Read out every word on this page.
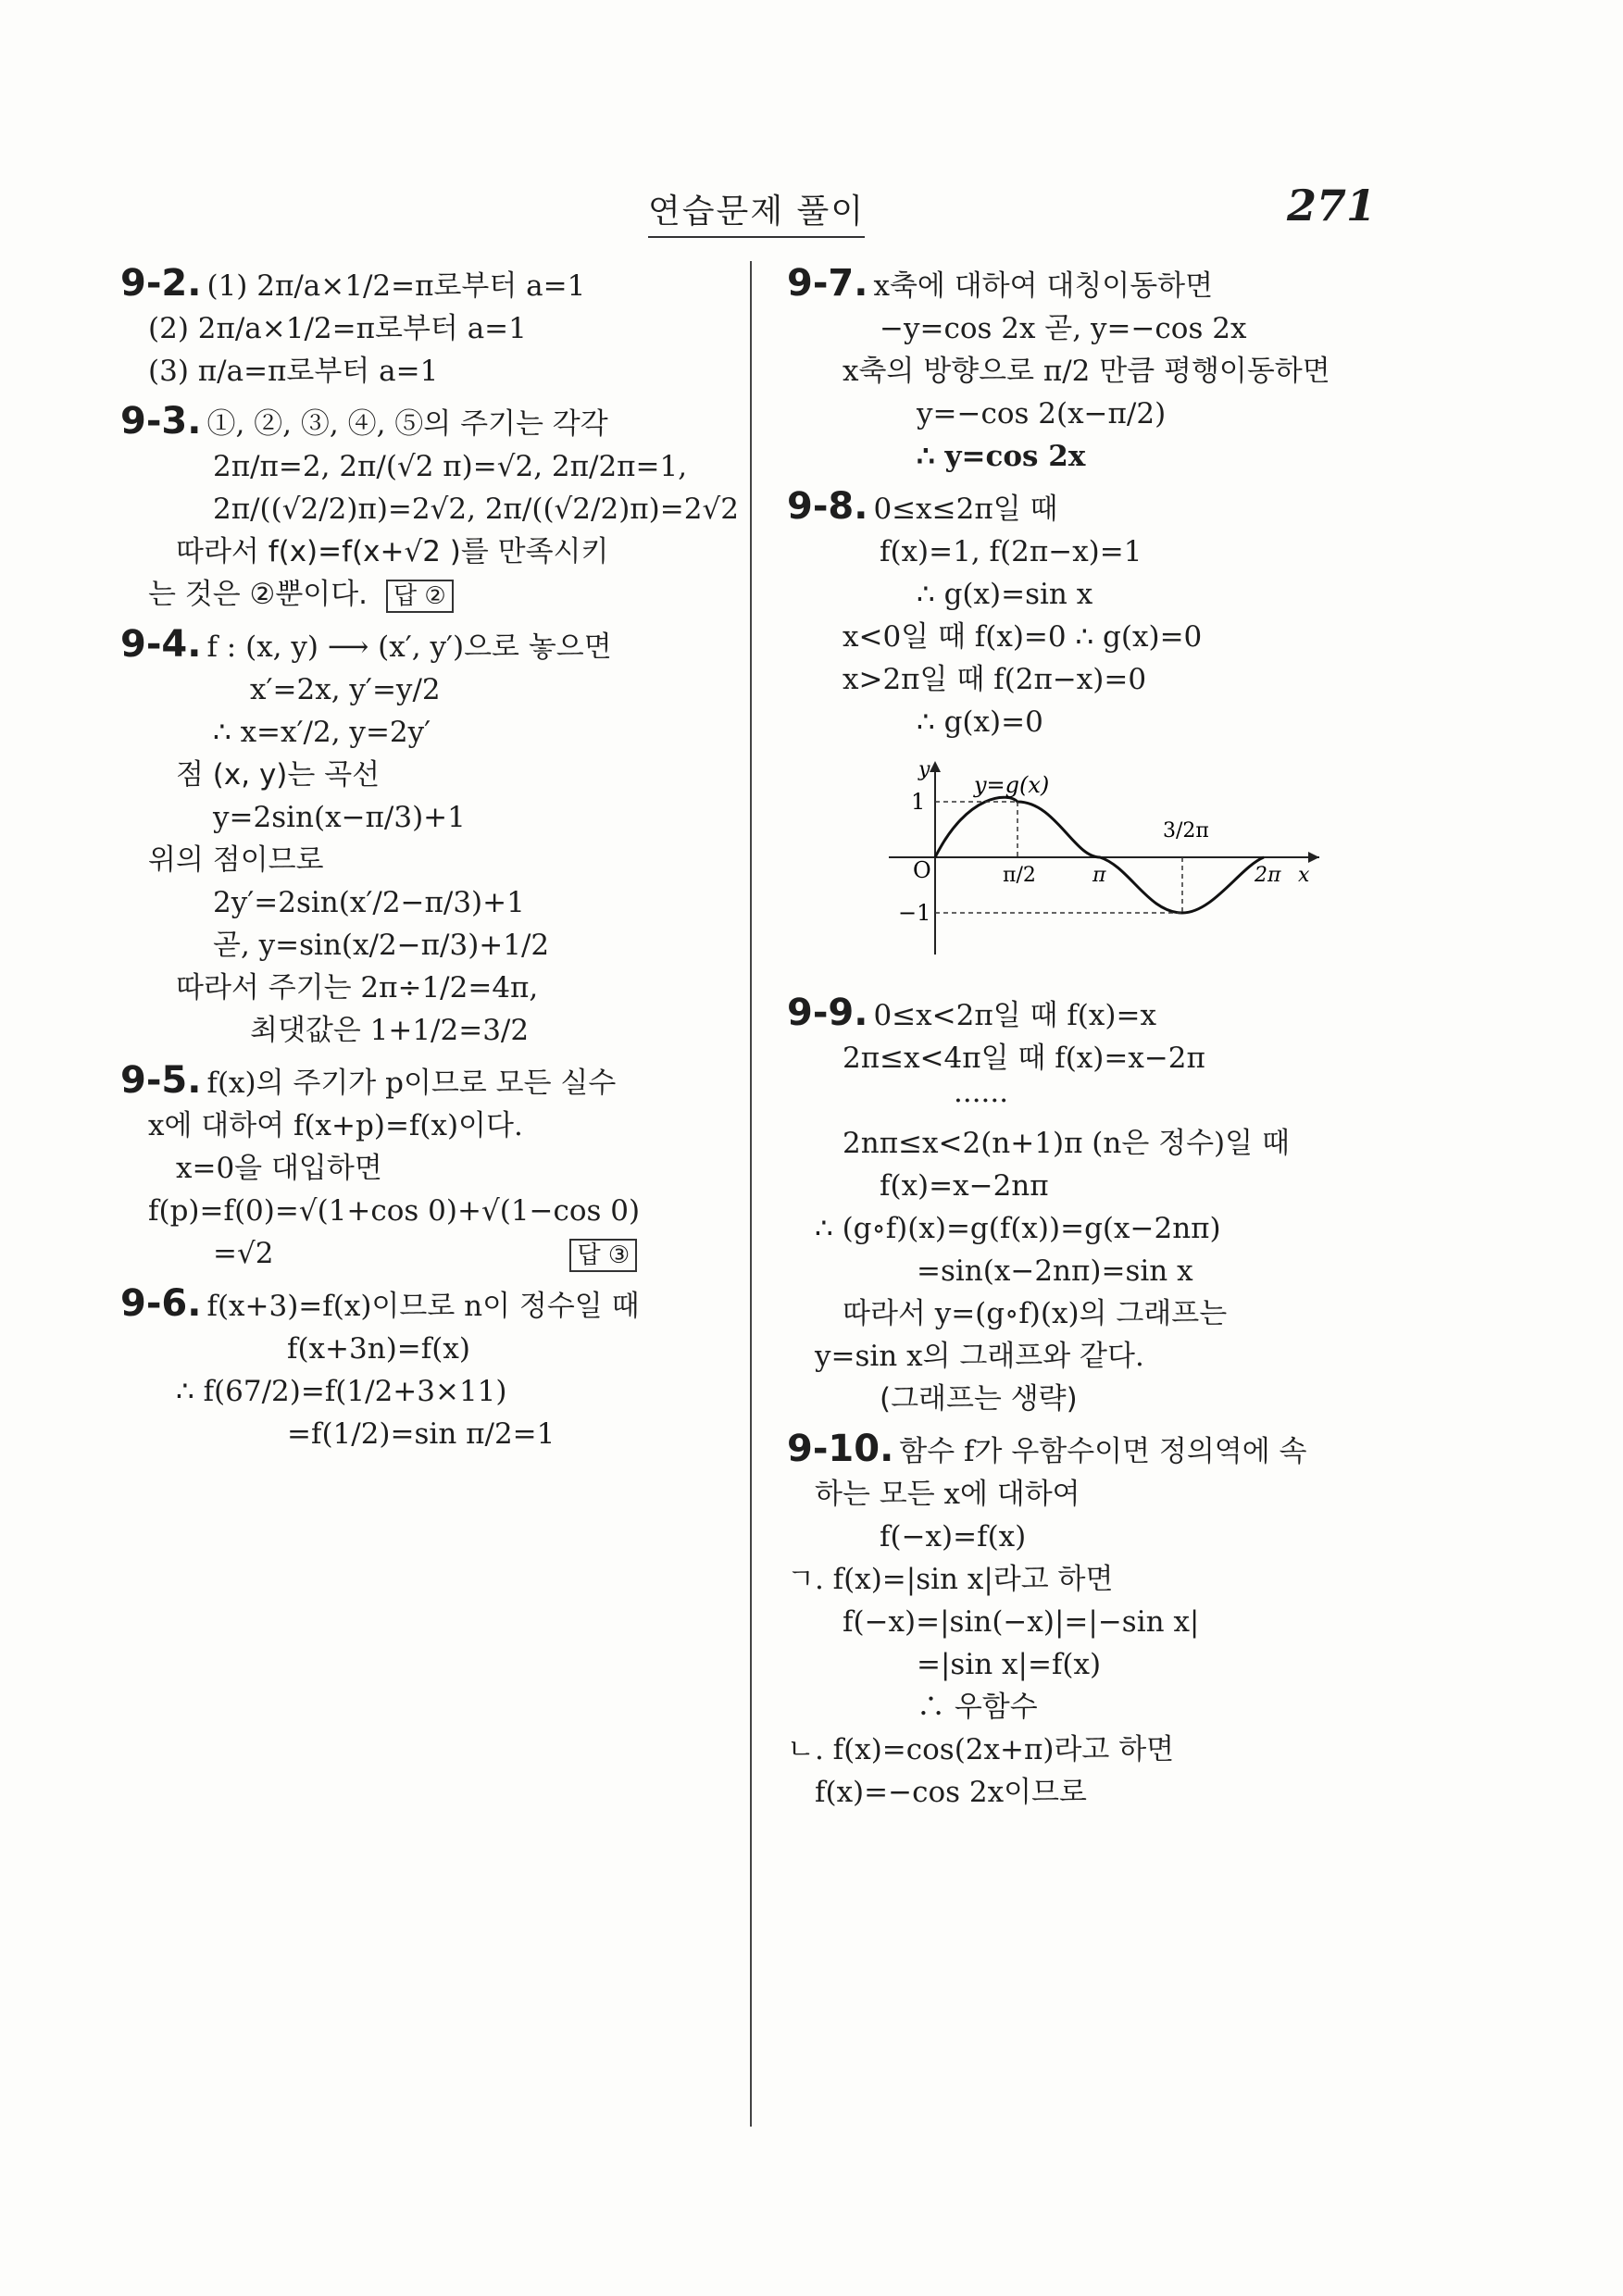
연습문제 풀이	271
9-2. (1) 2π/a×1/2=π로부터 a=1
(2) 2π/a×1/2=π로부터 a=1
(3) π/a=π로부터 a=1
9-3. ①, ②, ③, ④, ⑤의 주기는 각각
2π/π=2, 2π/(√2 π)=√2, 2π/2π=1,
2π/((√2/2)π)=2√2, 2π/((√2/2)π)=2√2
따라서 f(x)=f(x+√2 )를 만족시키
는 것은 ②뿐이다. 답 ②
9-4. f : (x, y) ⟶ (x′, y′)으로 놓으면
x′=2x, y′=y/2
∴ x=x′/2, y=2y′
점 (x, y)는 곡선
y=2sin(x−π/3)+1
위의 점이므로
2y′=2sin(x′/2−π/3)+1
곧, y=sin(x/2−π/3)+1/2
따라서 주기는 2π÷1/2=4π,
최댓값은 1+1/2=3/2
9-5. f(x)의 주기가 p이므로 모든 실수
x에 대하여 f(x+p)=f(x)이다.
x=0을 대입하면
f(p)=f(0)=√(1+cos 0)+√(1−cos 0)
=√2	답 ③
9-6. f(x+3)=f(x)이므로 n이 정수일 때
f(x+3n)=f(x)
∴ f(67/2)=f(1/2+3×11)
=f(1/2)=sin π/2=1
9-7. x축에 대하여 대칭이동하면
−y=cos 2x 곧, y=−cos 2x
x축의 방향으로 π/2 만큼 평행이동하면
y=−cos 2(x−π/2)
∴ y=cos 2x
9-8. 0≤x≤2π일 때
f(x)=1, f(2π−x)=1
∴ g(x)=sin x
x<0일 때 f(x)=0 ∴ g(x)=0
x>2π일 때 f(2π−x)=0
∴ g(x)=0
y
y=g(x)
1
O
−1
3/2π
π/2	π	2π x
9-9. 0≤x<2π일 때 f(x)=x
2π≤x<4π일 때 f(x)=x−2π
······
2nπ≤x<2(n+1)π (n은 정수)일 때
f(x)=x−2nπ
∴ (g∘f)(x)=g(f(x))=g(x−2nπ)
=sin(x−2nπ)=sin x
따라서 y=(g∘f)(x)의 그래프는
y=sin x의 그래프와 같다.
(그래프는 생략)
9-10. 함수 f가 우함수이면 정의역에 속
하는 모든 x에 대하여
f(−x)=f(x)
ㄱ. f(x)=|sin x|라고 하면
f(−x)=|sin(−x)|=|−sin x|
=|sin x|=f(x)
∴ 우함수
ㄴ. f(x)=cos(2x+π)라고 하면
f(x)=−cos 2x이므로
